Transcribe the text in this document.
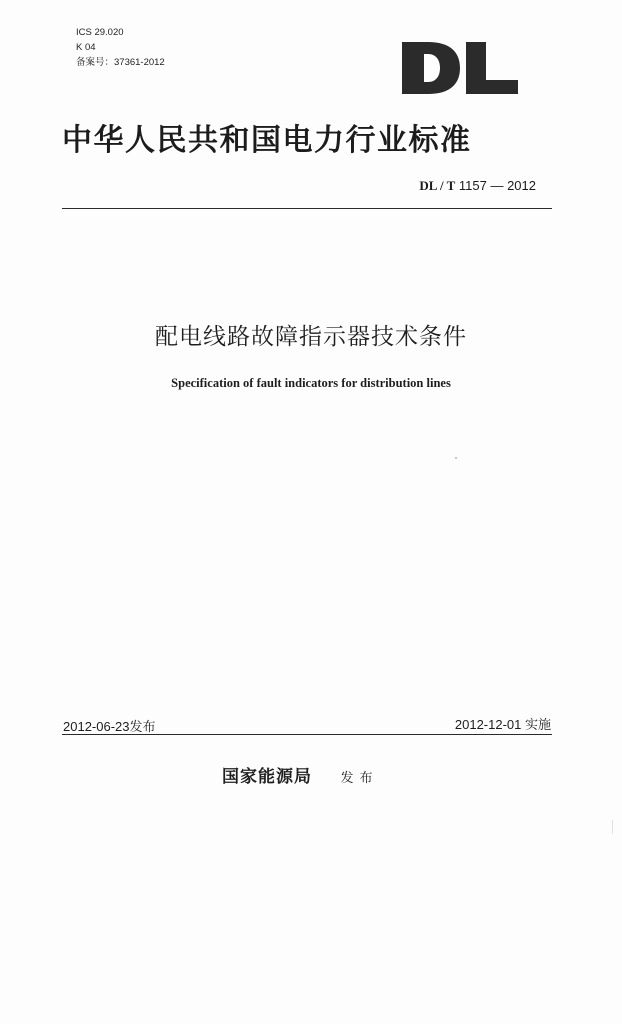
ICS 29.020
K 04
备案号：37361-2012
中华人民共和国电力行业标准
DL / T 1157 — 2012
配电线路故障指示器技术条件
Specification of fault indicators for distribution lines
2012-06-23发布	2012-12-01 实施
国家能源局 发布
